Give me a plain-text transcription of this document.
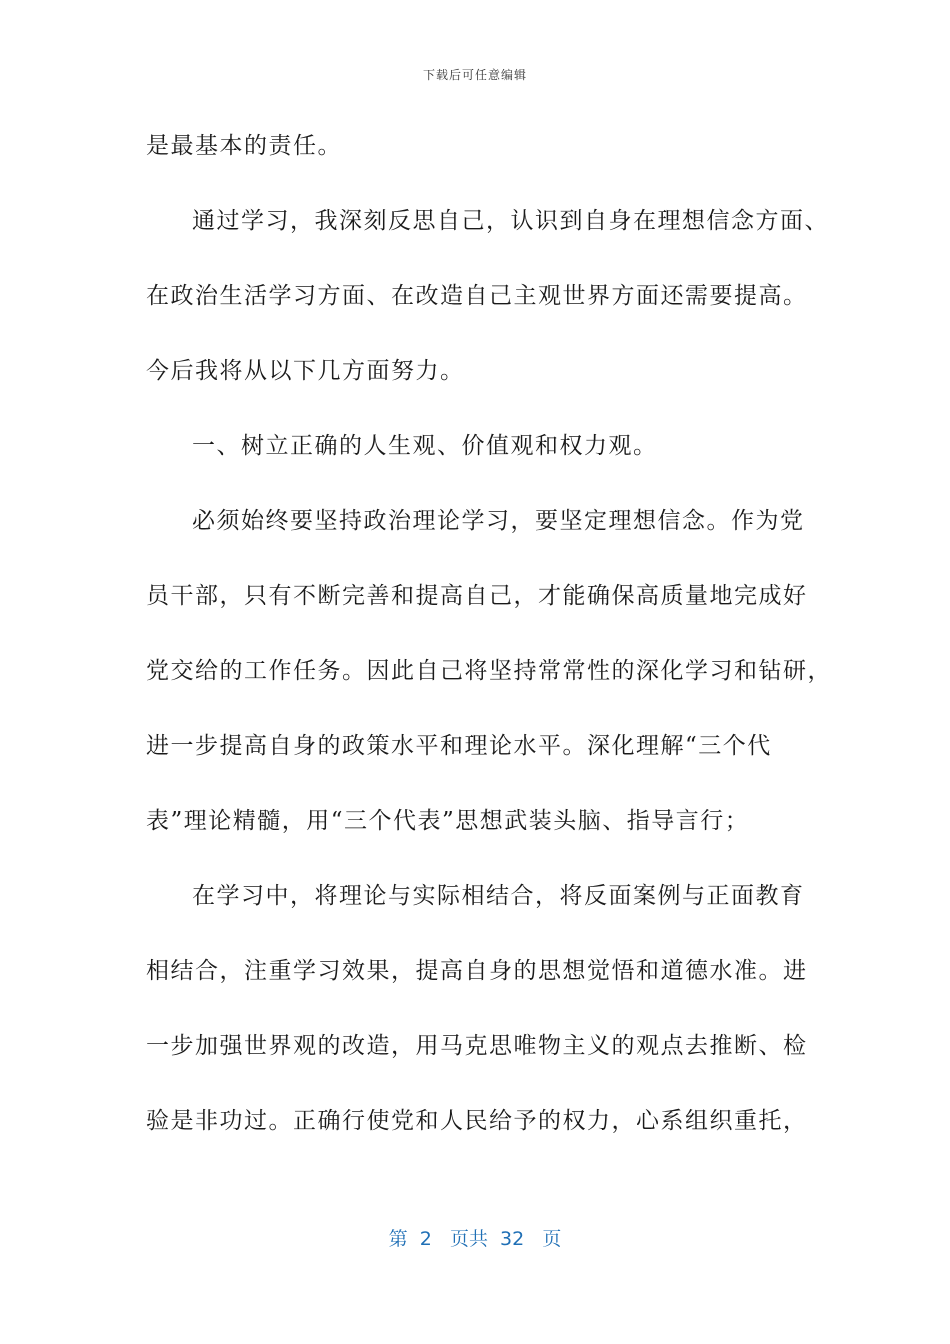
下载后可任意编辑
是最基本的责任。
通过学习，我深刻反思自己，认识到自身在理想信念方面、
在政治生活学习方面、在改造自己主观世界方面还需要提高。
今后我将从以下几方面努力。
一、树立正确的人生观、价值观和权力观。
必须始终要坚持政治理论学习，要坚定理想信念。作为党
员干部，只有不断完善和提高自己，才能确保高质量地完成好
党交给的工作任务。因此自己将坚持常常性的深化学习和钻研，
进一步提高自身的政策水平和理论水平。深化理解“三个代
表”理论精髓，用“三个代表”思想武装头脑、指导言行；
在学习中，将理论与实际相结合，将反面案例与正面教育
相结合，注重学习效果，提高自身的思想觉悟和道德水准。进
一步加强世界观的改造，用马克思唯物主义的观点去推断、检
验是非功过。正确行使党和人民给予的权力，心系组织重托，
第 2 页共 32 页
